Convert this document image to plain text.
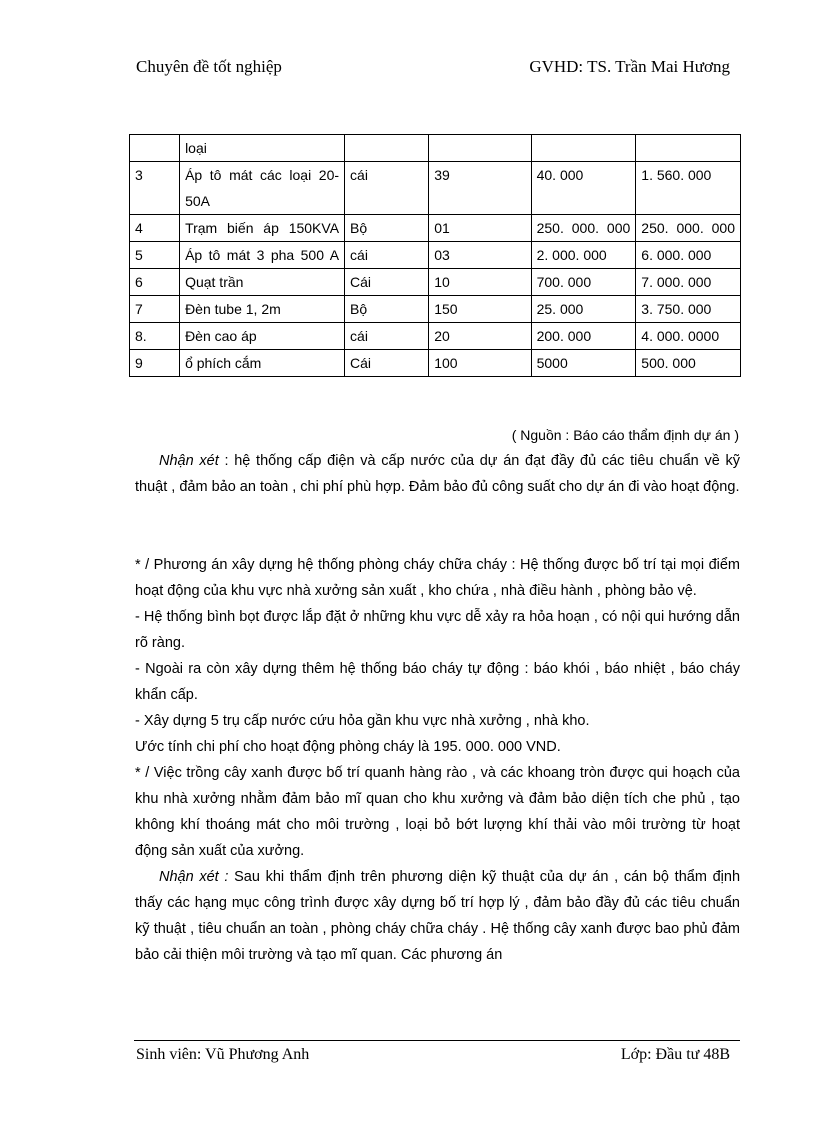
Chuyên đề tốt nghiệp	GVHD: TS. Trần Mai Hương
	loại				
3	Áp tô mát các loại 20- 50A	cái	39	40. 000	1. 560. 000
4	Trạm biến áp 150KVA	Bộ	01	250. 000. 000	250. 000. 000
5	Áp tô mát 3 pha 500 A	cái	03	2. 000. 000	6. 000. 000
6	Quạt trần	Cái	10	700. 000	7. 000. 000
7	Đèn tube 1, 2m	Bộ	150	25. 000	3. 750. 000
8.	Đèn cao áp	cái	20	200. 000	4. 000. 0000
9	ổ phích cắm	Cái	100	5000	500. 000
( Nguồn : Báo cáo thẩm định dự án )

Nhận xét : hệ thống cấp điện và cấp nước của dự án đạt đầy đủ các tiêu chuẩn về kỹ thuật , đảm bảo an toàn , chi phí phù hợp. Đảm bảo đủ công suất cho dự án đi vào hoạt động.

* / Phương án xây dựng hệ thống phòng cháy chữa cháy : Hệ thống được bố trí tại mọi điểm hoạt động của khu vực nhà xưởng sản xuất , kho chứa , nhà điều hành , phòng bảo vệ.

- Hệ thống bình bọt được lắp đặt ở những khu vực dễ xảy ra hỏa hoạn , có nội qui hướng dẫn rõ ràng.

- Ngoài ra còn xây dựng thêm hệ thống báo cháy tự động : báo khói , báo nhiệt , báo cháy khẩn cấp.

- Xây dựng 5 trụ cấp nước cứu hỏa gần khu vực nhà xưởng , nhà kho.

Ước tính chi phí cho hoạt động phòng cháy là 195. 000. 000 VND.

* / Việc trồng cây xanh được bố trí quanh hàng rào , và các khoang tròn được qui hoạch của khu nhà xưởng nhằm đảm bảo mĩ quan cho khu xưởng và đảm bảo diện tích che phủ , tạo không khí thoáng mát cho môi trường , loại bỏ bớt lượng khí thải vào môi trường từ hoạt động sản xuất của xưởng.

Nhận xét : Sau khi thẩm định trên phương diện kỹ thuật của dự án , cán bộ thẩm định thấy các hạng mục công trình được xây dựng bố trí hợp lý , đảm bảo đầy đủ các tiêu chuẩn kỹ thuật , tiêu chuẩn an toàn , phòng cháy chữa cháy . Hệ thống cây xanh được bao phủ đảm bảo cải thiện môi trường và tạo mĩ quan. Các phương án

Sinh viên: Vũ Phương Anh	Lớp: Đầu tư 48B
